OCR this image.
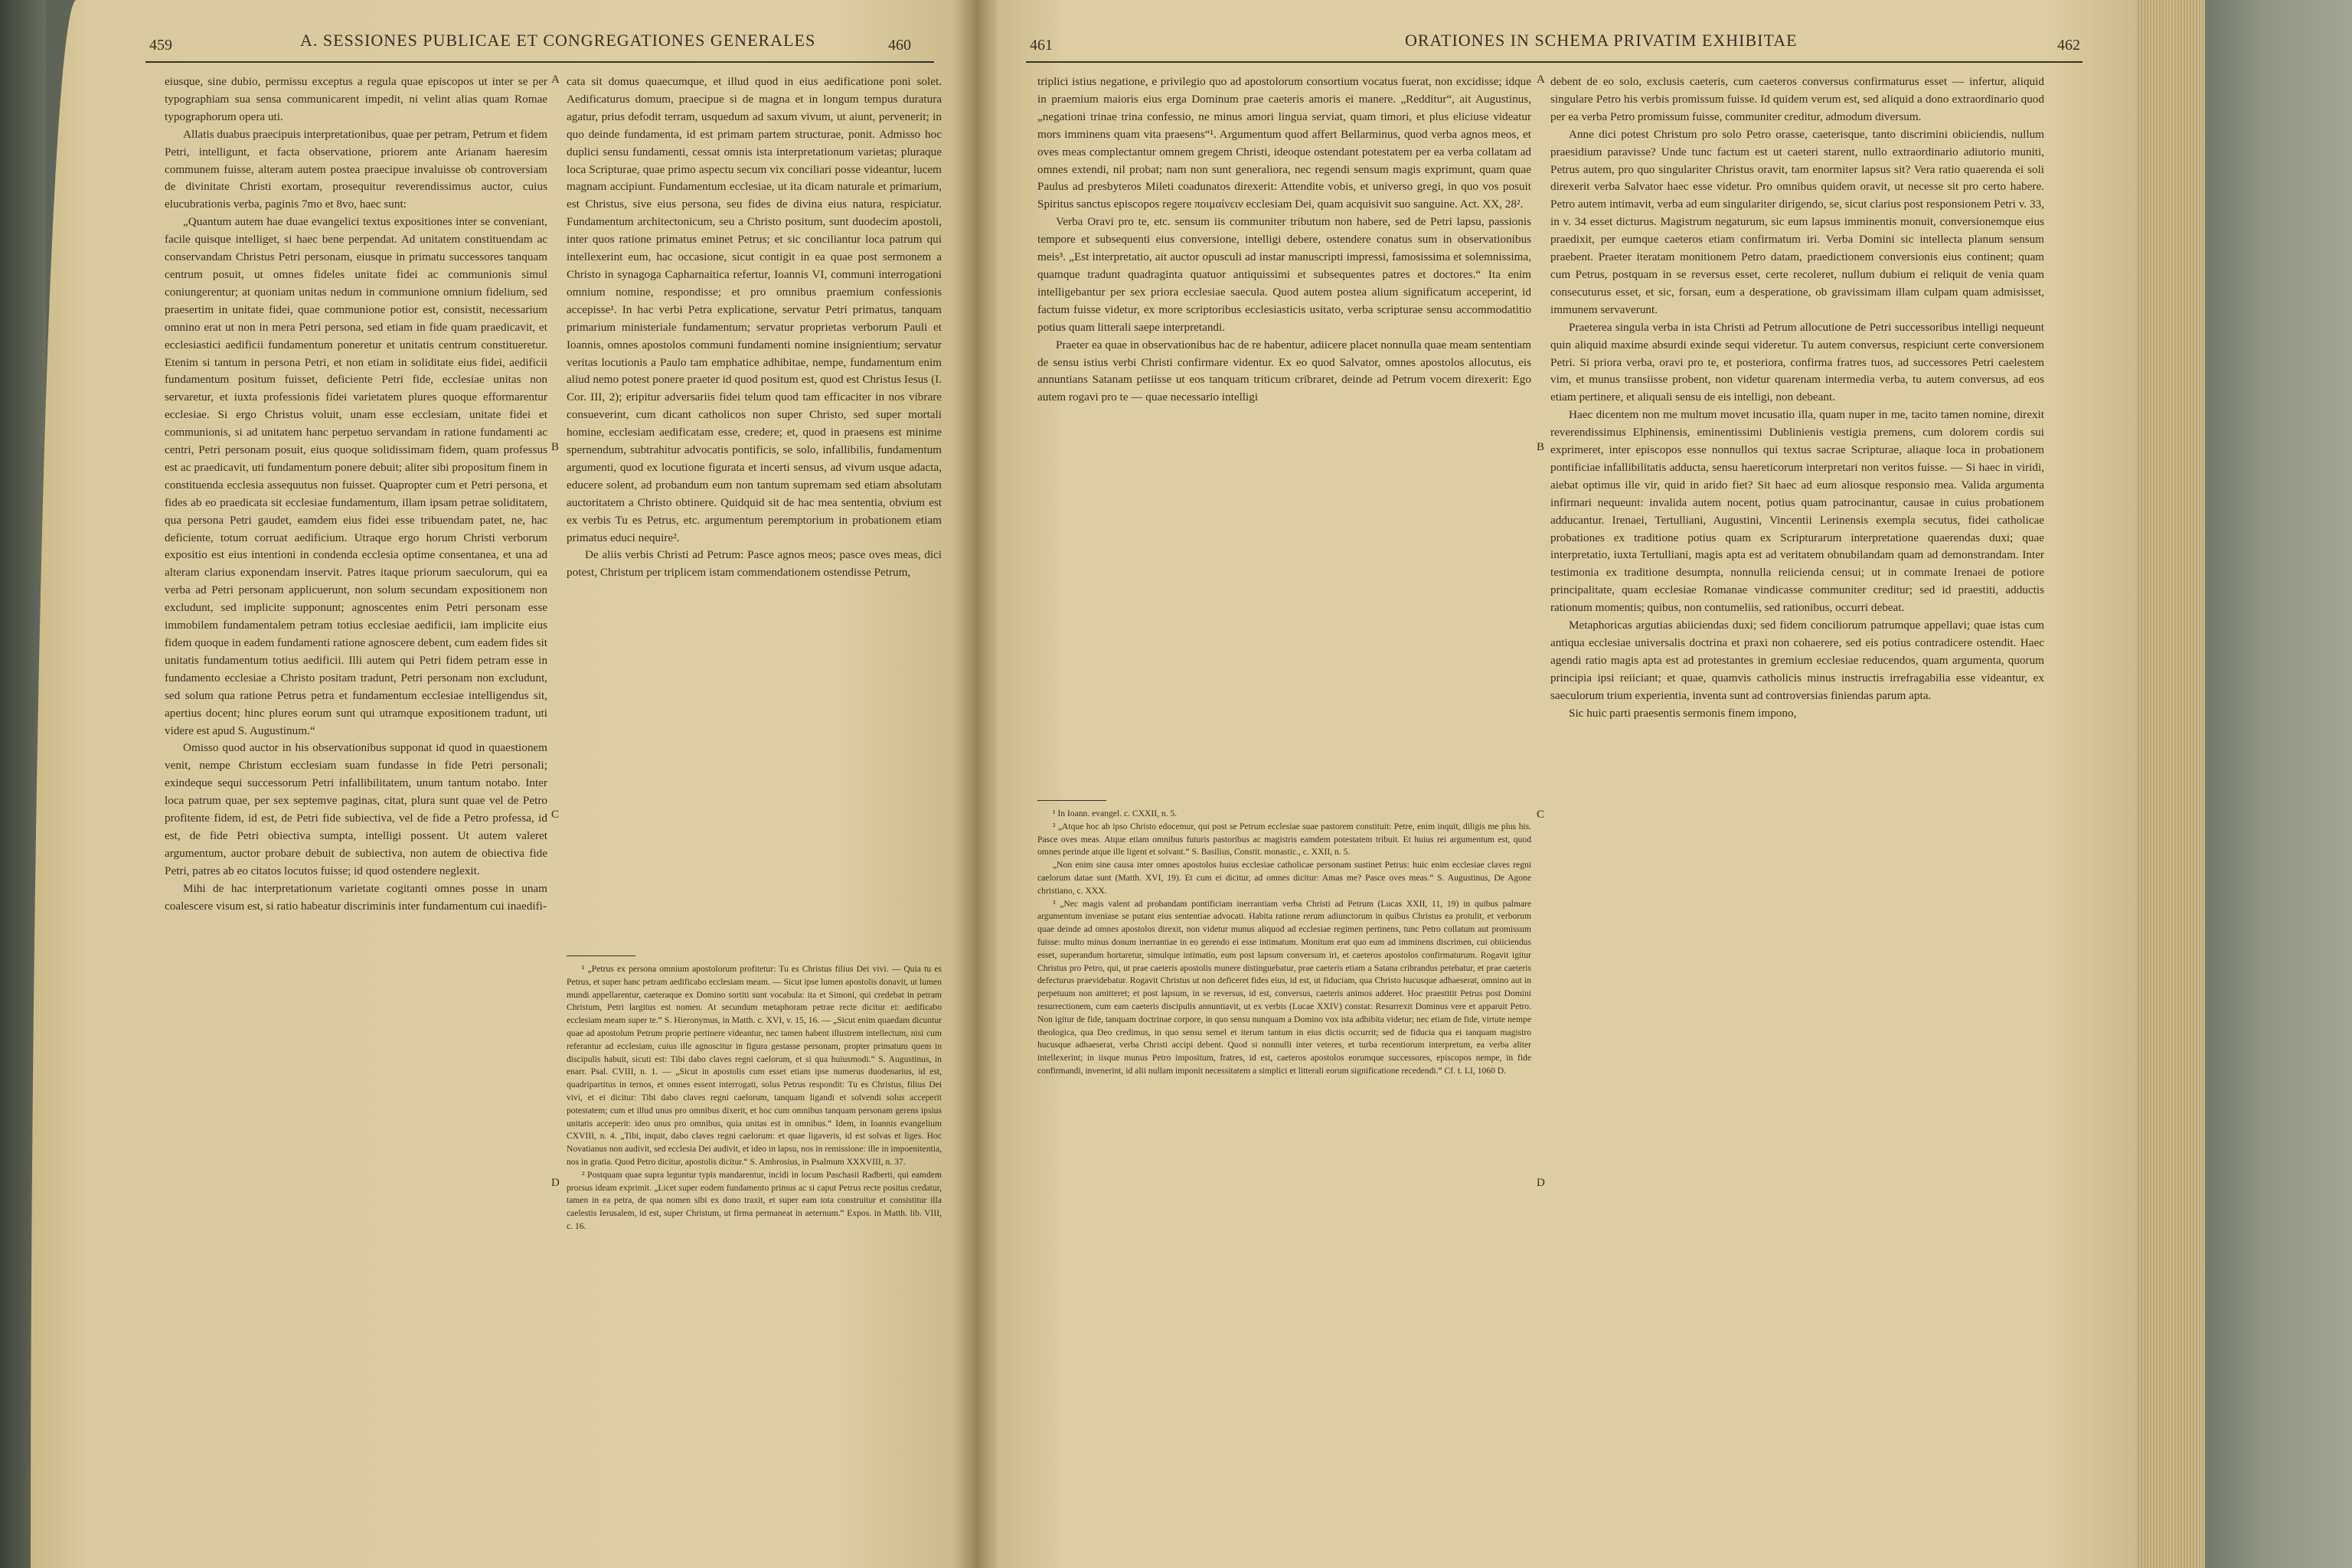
459	A. SESSIONES PUBLICAE ET CONGREGATIONES GENERALES	460

eiusque, sine dubio, permissu exceptus a regula quae episcopos ut inter se per typographiam sua sensa communicarent impedit, ni velint alias quam Romae typographorum opera uti.

Allatis duabus praecipuis interpretationibus, quae per petram, Petrum et fidem Petri, intelligunt, et facta observatione, priorem ante Arianam haeresim communem fuisse, alteram autem postea praecipue invaluisse ob controversiam de divinitate Christi exortam, prosequitur reverendissimus auctor, cuius elucubrationis verba, paginis 7mo et 8vo, haec sunt:

„Quantum autem hae duae evangelici textus expositiones inter se conveniant, facile quisque intelliget, si haec bene perpendat. Ad unitatem constituendam ac conservandam Christus Petri personam, eiusque in primatu successores tanquam centrum posuit, ut omnes fideles unitate fidei ac communionis simul coniungerentur; at quoniam unitas nedum in communione omnium fidelium, sed praesertim in unitate fidei, quae communione potior est, consistit, necessarium omnino erat ut non in mera Petri persona, sed etiam in fide quam praedicavit, et ecclesiastici aedificii fundamentum poneretur et unitatis centrum constitueretur. Etenim si tantum in persona Petri, et non etiam in soliditate eius fidei, aedificii fundamentum positum fuisset, deficiente Petri fide, ecclesiae unitas non servaretur, et iuxta professionis fidei varietatem plures quoque efformarentur ecclesiae. Si ergo Christus voluit, unam esse ecclesiam, unitate fidei et communionis, si ad unitatem hanc perpetuo servandam in ratione fundamenti ac centri, Petri personam posuit, eius quoque solidissimam fidem, quam professus est ac praedicavit, uti fundamentum ponere debuit; aliter sibi propositum finem in constituenda ecclesia assequutus non fuisset. Quapropter cum et Petri persona, et fides ab eo praedicata sit ecclesiae fundamentum, illam ipsam petrae soliditatem, qua persona Petri gaudet, eamdem eius fidei esse tribuendam patet, ne, hac deficiente, totum corruat aedificium. Utraque ergo horum Christi verborum expositio est eius intentioni in condenda ecclesia optime consentanea, et una ad alteram clarius exponendam inservit. Patres itaque priorum saeculorum, qui ea verba ad Petri personam applicuerunt, non solum secundam expositionem non excludunt, sed implicite supponunt; agnoscentes enim Petri personam esse immobilem fundamentalem petram totius ecclesiae aedificii, iam implicite eius fidem quoque in eadem fundamenti ratione agnoscere debent, cum eadem fides sit unitatis fundamentum totius aedificii. Illi autem qui Petri fidem petram esse in fundamento ecclesiae a Christo positam tradunt, Petri personam non excludunt, sed solum qua ratione Petrus petra et fundamentum ecclesiae intelligendus sit, apertius docent; hinc plures eorum sunt qui utramque expositionem tradunt, uti videre est apud S. Augustinum.“

Omisso quod auctor in his observationibus supponat id quod in quaestionem venit, nempe Christum ecclesiam suam fundasse in fide Petri personali; exindeque sequi successorum Petri infallibilitatem, unum tantum notabo. Inter loca patrum quae, per sex septemve paginas, citat, plura sunt quae vel de Petro profitente fidem, id est, de Petri fide subiectiva, vel de fide a Petro professa, id est, de fide Petri obiectiva sumpta, intelligi possent. Ut autem valeret argumentum, auctor probare debuit de subiectiva, non autem de obiectiva fide Petri, patres ab eo citatos locutos fuisse; id quod ostendere neglexit.

Mihi de hac interpretationum varietate cogitanti omnes posse in unam coalescere visum est, si ratio habeatur discriminis inter fundamentum cui inaedifi-

cata sit domus quaecumque, et illud quod in eius aedificatione poni solet. Aedificaturus domum, praecipue si de magna et in longum tempus duratura agatur, prius defodit terram, usquedum ad saxum vivum, ut aiunt, pervenerit; in quo deinde fundamenta, id est primam partem structurae, ponit. Admisso hoc duplici sensu fundamenti, cessat omnis ista interpretationum varietas; pluraque loca Scripturae, quae primo aspectu secum vix conciliari posse videantur, lucem magnam accipiunt. Fundamentum ecclesiae, ut ita dicam naturale et primarium, est Christus, sive eius persona, seu fides de divina eius natura, respiciatur. Fundamentum architectonicum, seu a Christo positum, sunt duodecim apostoli, inter quos ratione primatus eminet Petrus; et sic conciliantur loca patrum qui intellexerint eum, hac occasione, sicut contigit in ea quae post sermonem a Christo in synagoga Capharnaitica refertur, Ioannis VI, communi interrogationi omnium nomine, respondisse; et pro omnibus praemium confessionis accepisse¹. In hac verbi Petra explicatione, servatur Petri primatus, tanquam primarium ministeriale fundamentum; servatur proprietas verborum Pauli et Ioannis, omnes apostolos communi fundamenti nomine insignientium; servatur veritas locutionis a Paulo tam emphatice adhibitae, nempe, fundamentum enim aliud nemo potest ponere praeter id quod positum est, quod est Christus Iesus (I. Cor. III, 2); eripitur adversariis fidei telum quod tam efficaciter in nos vibrare consueverint, cum dicant catholicos non super Christo, sed super mortali homine, ecclesiam aedificatam esse, credere; et, quod in praesens est minime spernendum, subtrahitur advocatis pontificis, se solo, infallibilis, fundamentum argumenti, quod ex locutione figurata et incerti sensus, ad vivum usque adacta, educere solent, ad probandum eum non tantum supremam sed etiam absolutam auctoritatem a Christo obtinere. Quidquid sit de hac mea sententia, obvium est ex verbis Tu es Petrus, etc. argumentum peremptorium in probationem etiam primatus educi nequire².

De aliis verbis Christi ad Petrum: Pasce agnos meos; pasce oves meas, dici potest, Christum per triplicem istam commendationem ostendisse Petrum,

¹ „Petrus ex persona omnium apostolorum profitetur: Tu es Christus filius Dei vivi. — Quia tu es Petrus, et super hanc petram aedificabo ecclesiam meam. — Sicut ipse lumen apostolis donavit, ut lumen mundi appellarentur, caeteraque ex Domino sortiti sunt vocabula: ita et Simoni, qui credebat in petram Christum, Petri largitus est nomen. At secundum metaphoram petrae recte dicitur ei: aedificabo ecclesiam meam super te.“ S. Hieronymus, in Matth. c. XVI, v. 15, 16. — „Sicut enim quaedam dicuntur quae ad apostolum Petrum proprie pertinere videantur, nec tamen habent illustrem intellectum, nisi cum referantur ad ecclesiam, cuius ille agnoscitur in figura gestasse personam, propter primatum quem in discipulis habuit, sicuti est: Tibi dabo claves regni caelorum, et si qua huiusmodi.“ S. Augustinus, in enarr. Psal. CVIII, n. 1. — „Sicut in apostolis cum esset etiam ipse numerus duodenarius, id est, quadripartitus in ternos, et omnes essent interrogati, solus Petrus respondit: Tu es Christus, filius Dei vivi, et ei dicitur: Tibi dabo claves regni caelorum, tanquam ligandi et solvendi solus acceperit potestatem; cum et illud unus pro omnibus dixerit, et hoc cum omnibus tanquam personam gerens ipsius unitatis acceperit: ideo unus pro omnibus, quia unitas est in omnibus.“ Idem, in Ioannis evangelium CXVIII, n. 4. „Tibi, inquit, dabo claves regni caelorum: et quae ligaveris, id est solvas et liges. Hoc Novatianus non audivit, sed ecclesia Dei audivit, et ideo in lapsu, nos in remissione: ille in impoenitentia, nos in gratia. Quod Petro dicitur, apostolis dicitur.“ S. Ambrosius, in Psalmum XXXVIII, n. 37.

² Postquam quae supra leguntur typis mandarentur, incidi in locum Paschasii Radberti, qui eamdem prorsus ideam exprimit. „Licet super eodem fundamento primus ac si caput Petrus recte positus credatur, tamen in ea petra, de qua nomen sibi ex dono traxit, et super eam tota construitur et consistitur illa caelestis Ierusalem, id est, super Christum, ut firma permaneat in aeternum.“ Expos. in Matth. lib. VIII, c. 16.

A
B
C
D
461	ORATIONES IN SCHEMA PRIVATIM EXHIBITAE	462

triplici istius negatione, e privilegio quo ad apostolorum consortium vocatus fuerat, non excidisse; idque in praemium maioris eius erga Dominum prae caeteris amoris ei manere. „Redditur“, ait Augustinus, „negationi trinae trina confessio, ne minus amori lingua serviat, quam timori, et plus eliciuse videatur mors imminens quam vita praesens“¹. Argumentum quod affert Bellarminus, quod verba agnos meos, et oves meas complectantur omnem gregem Christi, ideoque ostendant potestatem per ea verba collatam ad omnes extendi, nil probat; nam non sunt generaliora, nec regendi sensum magis exprimunt, quam quae Paulus ad presbyteros Mileti coadunatos direxerit: Attendite vobis, et universo gregi, in quo vos posuit Spiritus sanctus episcopos regere ποιμαίνειν ecclesiam Dei, quam acquisivit suo sanguine. Act. XX, 28².

Verba Oravi pro te, etc. sensum iis communiter tributum non habere, sed de Petri lapsu, passionis tempore et subsequenti eius conversione, intelligi debere, ostendere conatus sum in observationibus meis³. „Est interpretatio, ait auctor opusculi ad instar manuscripti impressi, famosissima et solemnissima, quamque tradunt quadraginta quatuor antiquissimi et subsequentes patres et doctores.“ Ita enim intelligebantur per sex priora ecclesiae saecula. Quod autem postea alium significatum acceperint, id factum fuisse videtur, ex more scriptoribus ecclesiasticis usitato, verba scripturae sensu accommodatitio potius quam litterali saepe interpretandi.

Praeter ea quae in observationibus hac de re habentur, adiicere placet nonnulla quae meam sententiam de sensu istius verbi Christi confirmare videntur. Ex eo quod Salvator, omnes apostolos allocutus, eis annuntians Satanam petiisse ut eos tanquam triticum cribraret, deinde ad Petrum vocem direxerit: Ego autem rogavi pro te — quae necessario intelligi

¹ In Ioann. evangel. c. CXXII, n. 5.

² „Atque hoc ab ipso Christo edocemur, qui post se Petrum ecclesiae suae pastorem constituit: Petre, enim inquit, diligis me plus his. Pasce oves meas. Atque etiam omnibus futuris pastoribus ac magistris eamdem potestatem tribuit. Et huius rei argumentum est, quod omnes perinde atque ille ligent et solvant.“ S. Basilius, Constit. monastic., c. XXII, n. 5.

„Non enim sine causa inter omnes apostolos huius ecclesiae catholicae personam sustinet Petrus: huic enim ecclesiae claves regni caelorum datae sunt (Matth. XVI, 19). Et cum ei dicitur, ad omnes dicitur: Amas me? Pasce oves meas.“ S. Augustinus, De Agone christiano, c. XXX.

³ „Nec magis valent ad probandam pontificiam inerrantiam verba Christi ad Petrum (Lucas XXII, 11, 19) in quibus palmare argumentum inveniase se putant eius sententiae advocati. Habita ratione rerum adiunctorum in quibus Christus ea protulit, et verborum quae deinde ad omnes apostolos direxit, non videtur munus aliquod ad ecclesiae regimen pertinens, tunc Petro collatum aut promissum fuisse: multo minus donum inerrantiae in eo gerendo ei esse intimatum. Monitum erat quo eum ad imminens discrimen, cui obiiciendus esset, superandum hortaretur, simulque intimatio, eum post lapsum conversum iri, et caeteros apostolos confirmaturum. Rogavit igitur Christus pro Petro, qui, ut prae caeteris apostolis munere distinguebatur, prae caeteris etiam a Satana cribrandus petebatur, et prae caeteris defecturus praevidebatur. Rogavit Christus ut non deficeret fides eius, id est, ut fiduciam, qua Christo hucusque adhaeserat, omnino aut in perpetuum non amitteret; et post lapsum, in se reversus, id est, conversus, caeteris animos adderet. Hoc praestitit Petrus post Domini resurrectionem, cum eam caeteris discipulis annuntiavit, ut ex verbis (Lucae XXIV) constat: Resurrexit Dominus vere et apparuit Petro. Non igitur de fide, tanquam doctrinae corpore, in quo sensu nunquam a Domino vox ista adhibita videtur; nec etiam de fide, virtute nempe theologica, qua Deo credimus, in quo sensu semel et iterum tantum in eius dictis occurrit; sed de fiducia qua ei tanquam magistro hucusque adhaeserat, verba Christi accipi debent. Quod si nonnulli inter veteres, et turba recentiorum interpretum, ea verba aliter intellexerint; in iisque munus Petro impositum, fratres, id est, caeteros apostolos eorumque successores, episcopos nempe, in fide confirmandi, invenerint, id alii nullam imponit necessitatem a simplici et litterali eorum significatione recedendi.“ Cf. t. LI, 1060 D.

debent de eo solo, exclusis caeteris, cum caeteros conversus confirmaturus esset — infertur, aliquid singulare Petro his verbis promissum fuisse. Id quidem verum est, sed aliquid a dono extraordinario quod per ea verba Petro promissum fuisse, communiter creditur, admodum diversum.

Anne dici potest Christum pro solo Petro orasse, caeterisque, tanto discrimini obiiciendis, nullum praesidium paravisse? Unde tunc factum est ut caeteri starent, nullo extraordinario adiutorio muniti, Petrus autem, pro quo singulariter Christus oravit, tam enormiter lapsus sit? Vera ratio quaerenda ei soli direxerit verba Salvator haec esse videtur. Pro omnibus quidem oravit, ut necesse sit pro certo habere. Petro autem intimavit, verba ad eum singulariter dirigendo, se, sicut clarius post responsionem Petri v. 33, in v. 34 esset dicturus. Magistrum negaturum, sic eum lapsus imminentis monuit, conversionemque eius praedixit, per eumque caeteros etiam confirmatum iri. Verba Domini sic intellecta planum sensum praebent. Praeter iteratam monitionem Petro datam, praedictionem conversionis eius continent; quam cum Petrus, postquam in se reversus esset, certe recoleret, nullum dubium ei reliquit de venia quam consecuturus esset, et sic, forsan, eum a desperatione, ob gravissimam illam culpam quam admisisset, immunem servaverunt.

Praeterea singula verba in ista Christi ad Petrum allocutione de Petri successoribus intelligi nequeunt quin aliquid maxime absurdi exinde sequi videretur. Tu autem conversus, respiciunt certe conversionem Petri. Si priora verba, oravi pro te, et posteriora, confirma fratres tuos, ad successores Petri caelestem vim, et munus transiisse probent, non videtur quarenam intermedia verba, tu autem conversus, ad eos etiam pertinere, et aliquali sensu de eis intelligi, non debeant.

Haec dicentem non me multum movet incusatio illa, quam nuper in me, tacito tamen nomine, direxit reverendissimus Elphinensis, eminentissimi Dublinienis vestigia premens, cum dolorem cordis sui exprimeret, inter episcopos esse nonnullos qui textus sacrae Scripturae, aliaque loca in probationem pontificiae infallibilitatis adducta, sensu haereticorum interpretari non veritos fuisse. — Si haec in viridi, aiebat optimus ille vir, quid in arido fiet? Sit haec ad eum aliosque responsio mea. Valida argumenta infirmari nequeunt: invalida autem nocent, potius quam patrocinantur, causae in cuius probationem adducantur. Irenaei, Tertulliani, Augustini, Vincentii Lerinensis exempla secutus, fidei catholicae probationes ex traditione potius quam ex Scripturarum interpretatione quaerendas duxi; quae interpretatio, iuxta Tertulliani, magis apta est ad veritatem obnubilandam quam ad demonstrandam. Inter testimonia ex traditione desumpta, nonnulla reiicienda censui; ut in commate Irenaei de potiore principalitate, quam ecclesiae Romanae vindicasse communiter creditur; sed id praestiti, adductis rationum momentis; quibus, non contumeliis, sed rationibus, occurri debeat.

Metaphoricas argutias abiiciendas duxi; sed fidem conciliorum patrumque appellavi; quae istas cum antiqua ecclesiae universalis doctrina et praxi non cohaerere, sed eis potius contradicere ostendit. Haec agendi ratio magis apta est ad protestantes in gremium ecclesiae reducendos, quam argumenta, quorum principia ipsi reiiciant; et quae, quamvis catholicis minus instructis irrefragabilia esse videantur, ex saeculorum trium experientia, inventa sunt ad controversias finiendas parum apta.

Sic huic parti praesentis sermonis finem impono,

A
B
C
D
